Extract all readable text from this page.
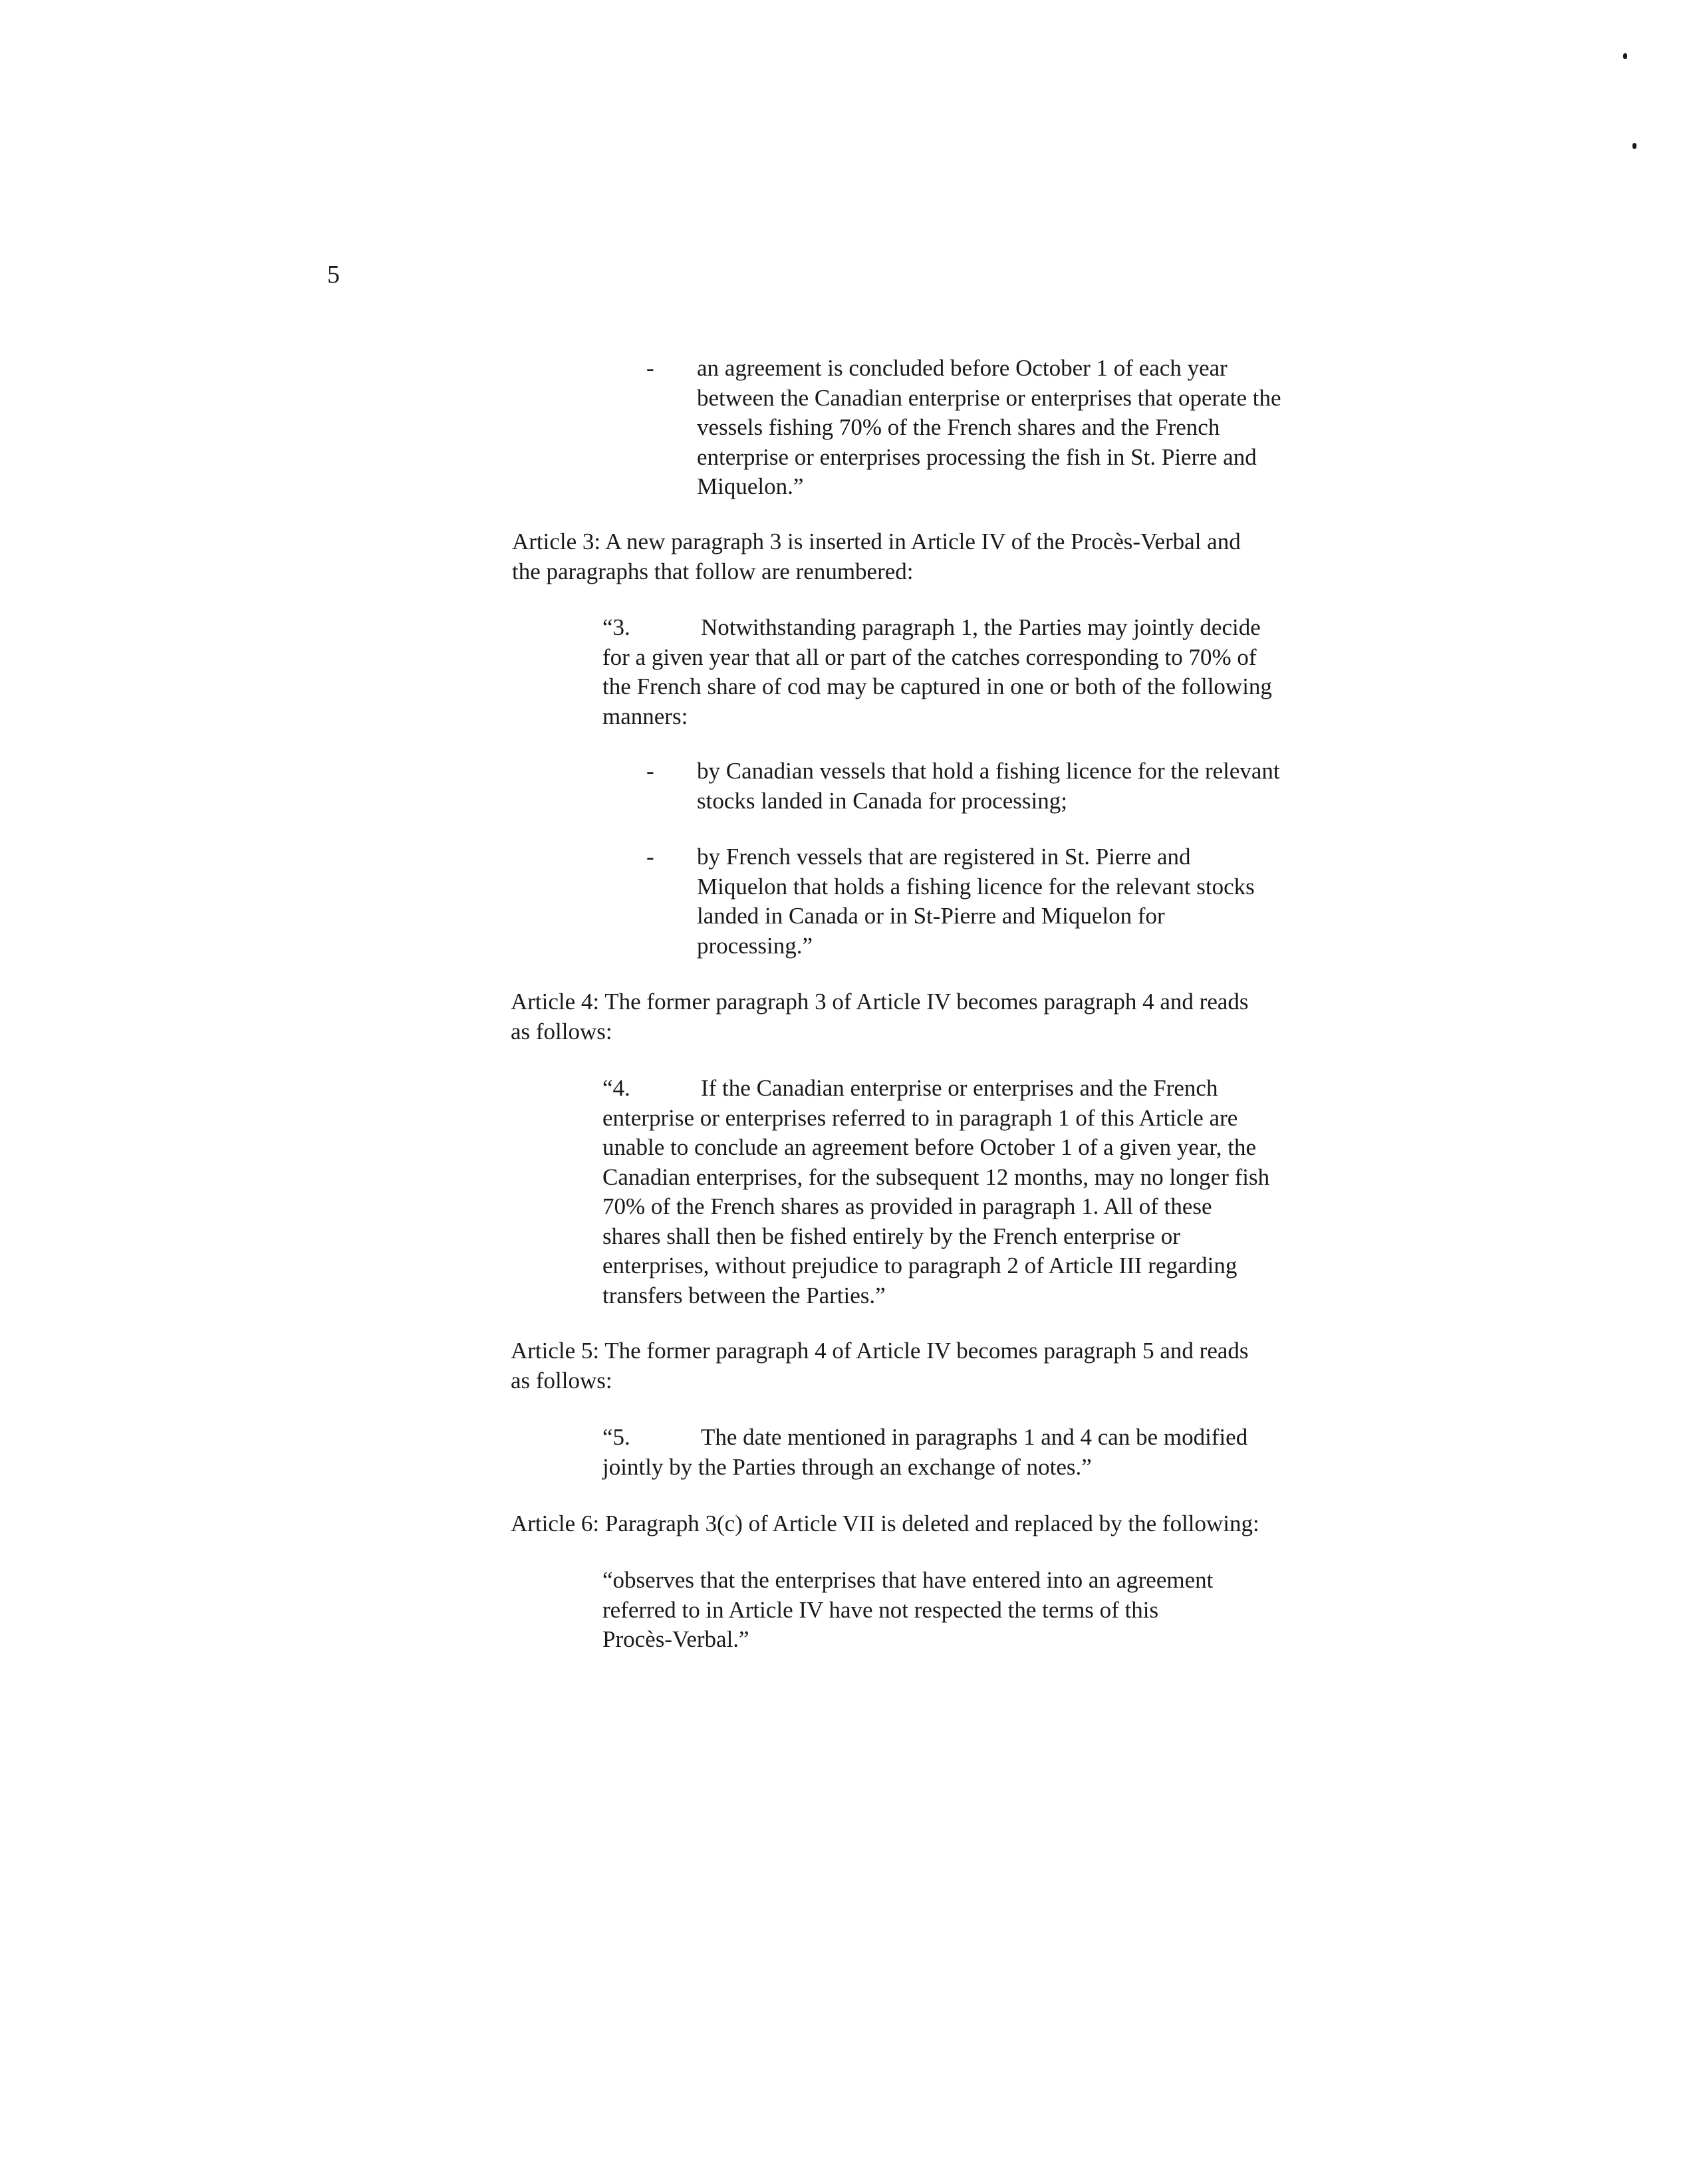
5
- an agreement is concluded before October 1 of each year
between the Canadian enterprise or enterprises that operate the
vessels fishing 70% of the French shares and the French
enterprise or enterprises processing the fish in St. Pierre and
Miquelon.”
Article 3: A new paragraph 3 is inserted in Article IV of the Procès-Verbal and
the paragraphs that follow are renumbered:
“3.	Notwithstanding paragraph 1, the Parties may jointly decide
for a given year that all or part of the catches corresponding to 70% of
the French share of cod may be captured in one or both of the following
manners:
- by Canadian vessels that hold a fishing licence for the relevant
stocks landed in Canada for processing;
- by French vessels that are registered in St. Pierre and
Miquelon that holds a fishing licence for the relevant stocks
landed in Canada or in St-Pierre and Miquelon for
processing.”
Article 4: The former paragraph 3 of Article IV becomes paragraph 4 and reads
as follows:
“4.	If the Canadian enterprise or enterprises and the French
enterprise or enterprises referred to in paragraph 1 of this Article are
unable to conclude an agreement before October 1 of a given year, the
Canadian enterprises, for the subsequent 12 months, may no longer fish
70% of the French shares as provided in paragraph 1. All of these
shares shall then be fished entirely by the French enterprise or
enterprises, without prejudice to paragraph 2 of Article III regarding
transfers between the Parties.”
Article 5: The former paragraph 4 of Article IV becomes paragraph 5 and reads
as follows:
“5.	The date mentioned in paragraphs 1 and 4 can be modified
jointly by the Parties through an exchange of notes.”
Article 6: Paragraph 3(c) of Article VII is deleted and replaced by the following:
“observes that the enterprises that have entered into an agreement
referred to in Article IV have not respected the terms of this
Procès-Verbal.”
